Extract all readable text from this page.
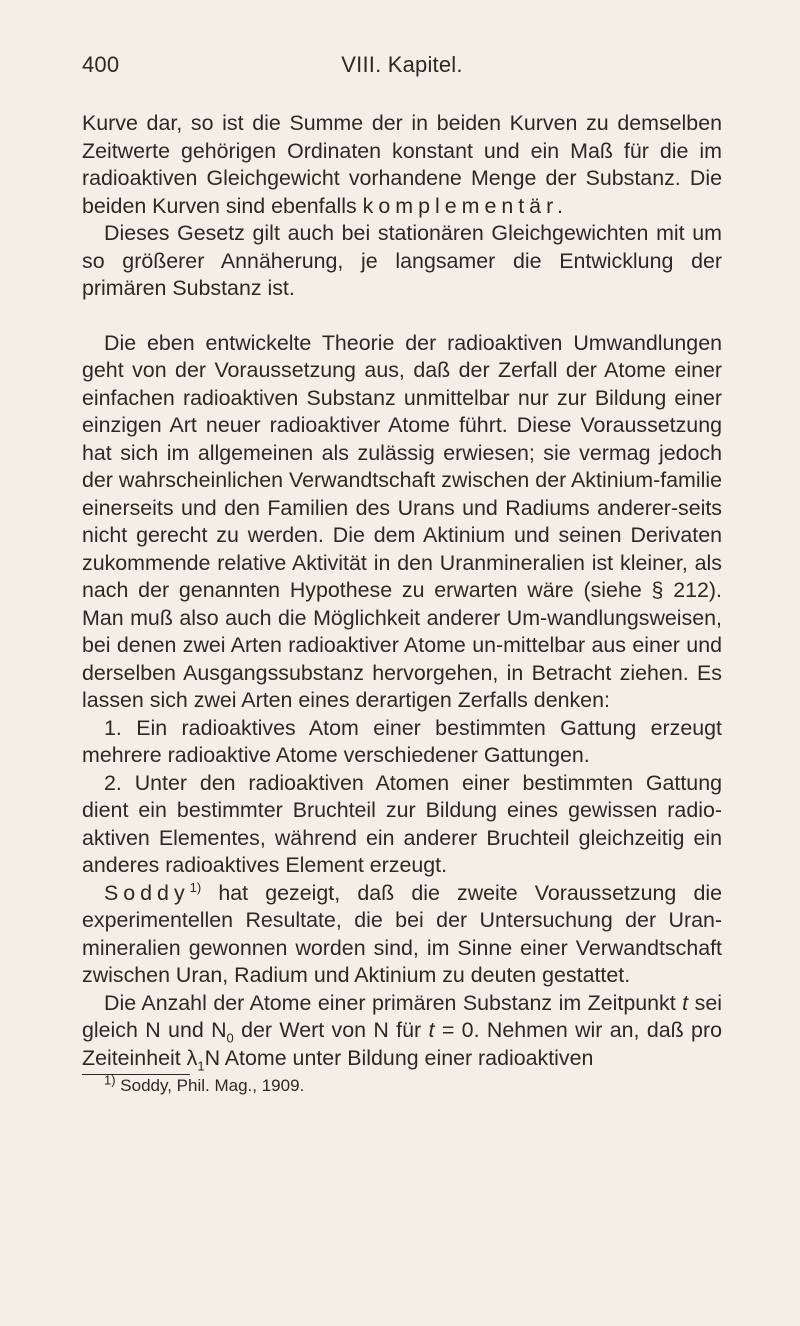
400	VIII. Kapitel.

Kurve dar, so ist die Summe der in beiden Kurven zu demselben Zeitwerte gehörigen Ordinaten konstant und ein Maß für die im radioaktiven Gleichgewicht vorhandene Menge der Substanz. Die beiden Kurven sind ebenfalls komplementär.

Dieses Gesetz gilt auch bei stationären Gleichgewichten mit um so größerer Annäherung, je langsamer die Entwicklung der primären Substanz ist.

Die eben entwickelte Theorie der radioaktiven Umwandlungen geht von der Voraussetzung aus, daß der Zerfall der Atome einer einfachen radioaktiven Substanz unmittelbar nur zur Bildung einer einzigen Art neuer radioaktiver Atome führt. Diese Voraussetzung hat sich im allgemeinen als zulässig erwiesen; sie vermag jedoch der wahrscheinlichen Verwandtschaft zwischen der Aktinium-familie einerseits und den Familien des Urans und Radiums anderer-seits nicht gerecht zu werden. Die dem Aktinium und seinen Derivaten zukommende relative Aktivität in den Uranmineralien ist kleiner, als nach der genannten Hypothese zu erwarten wäre (siehe § 212). Man muß also auch die Möglichkeit anderer Um-wandlungsweisen, bei denen zwei Arten radioaktiver Atome un-mittelbar aus einer und derselben Ausgangssubstanz hervorgehen, in Betracht ziehen. Es lassen sich zwei Arten eines derartigen Zerfalls denken:

1. Ein radioaktives Atom einer bestimmten Gattung erzeugt mehrere radioaktive Atome verschiedener Gattungen.

2. Unter den radioaktiven Atomen einer bestimmten Gattung dient ein bestimmter Bruchteil zur Bildung eines gewissen radio-aktiven Elementes, während ein anderer Bruchteil gleichzeitig ein anderes radioaktives Element erzeugt.

Soddy$^{1)}$ hat gezeigt, daß die zweite Voraussetzung die experimentellen Resultate, die bei der Untersuchung der Uran-mineralien gewonnen worden sind, im Sinne einer Verwandtschaft zwischen Uran, Radium und Aktinium zu deuten gestattet.

Die Anzahl der Atome einer primären Substanz im Zeitpunkt t sei gleich N und $N_0$ der Wert von N für t = 0. Nehmen wir an, daß pro Zeiteinheit $\lambda_1N$ Atome unter Bildung einer radioaktiven

$^{1)}$ Soddy, Phil. Mag., 1909.
